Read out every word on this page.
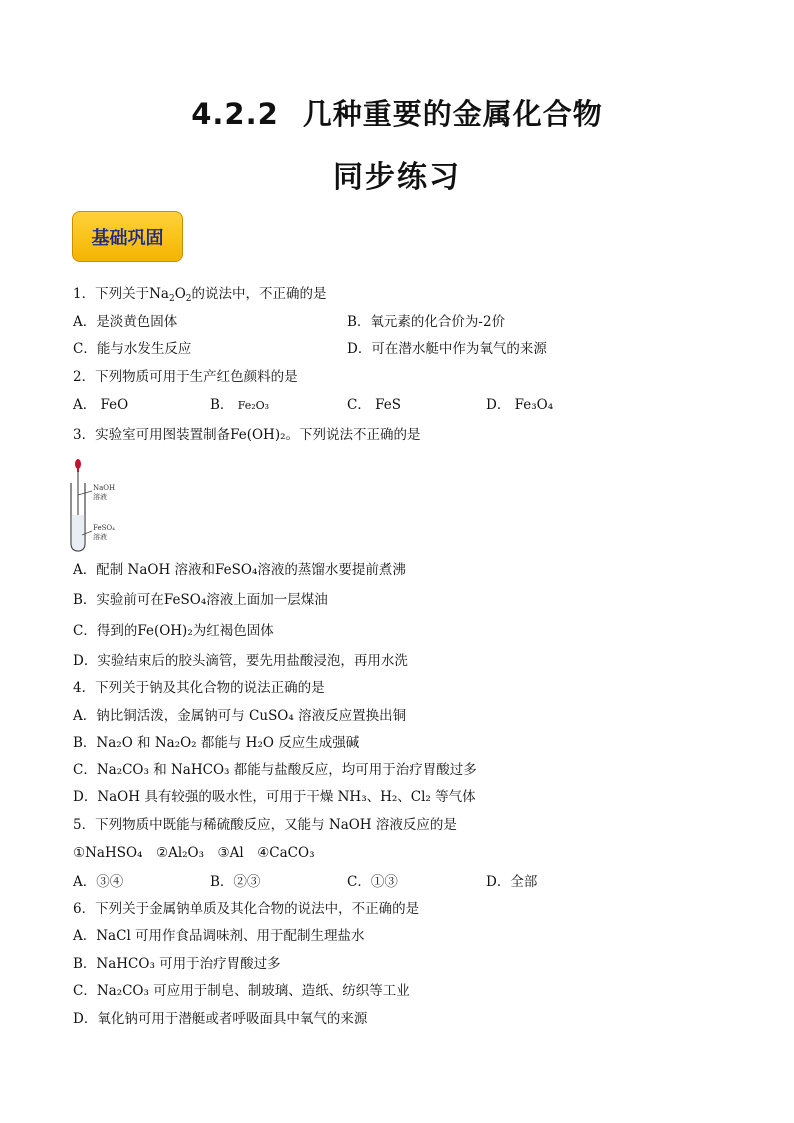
4.2.2 几种重要的金属化合物
同步练习
基础巩固
1．下列关于$Na_2O_2$的说法中，不正确的是
A．是淡黄色固体	B．氧元素的化合价为-2价
C．能与水发生反应	D．可在潜水艇中作为氧气的来源
2．下列物质可用于生产红色颜料的是
A． FeO	B． Fe₂O₃	C． FeS	D． Fe₃O₄
3．实验室可用图装置制备Fe(OH)₂。下列说法不正确的是
NaOH
溶液
FeSO₄
溶液
A．配制 NaOH 溶液和FeSO₄溶液的蒸馏水要提前煮沸
B．实验前可在FeSO₄溶液上面加一层煤油
C．得到的Fe(OH)₂为红褐色固体
D．实验结束后的胶头滴管，要先用盐酸浸泡，再用水洗
4．下列关于钠及其化合物的说法正确的是
A．钠比铜活泼，金属钠可与 CuSO₄ 溶液反应置换出铜
B．Na₂O 和 Na₂O₂ 都能与 H₂O 反应生成强碱
C．Na₂CO₃ 和 NaHCO₃ 都能与盐酸反应，均可用于治疗胃酸过多
D．NaOH 具有较强的吸水性，可用于干燥 NH₃、H₂、Cl₂ 等气体
5．下列物质中既能与稀硫酸反应，又能与 NaOH 溶液反应的是
①NaHSO₄　②Al₂O₃　③Al　④CaCO₃
A．③④	B．②③	C．①③	D．全部
6．下列关于金属钠单质及其化合物的说法中，不正确的是
A．NaCl 可用作食品调味剂、用于配制生理盐水
B．NaHCO₃ 可用于治疗胃酸过多
C．Na₂CO₃ 可应用于制皂、制玻璃、造纸、纺织等工业
D．氧化钠可用于潜艇或者呼吸面具中氧气的来源
